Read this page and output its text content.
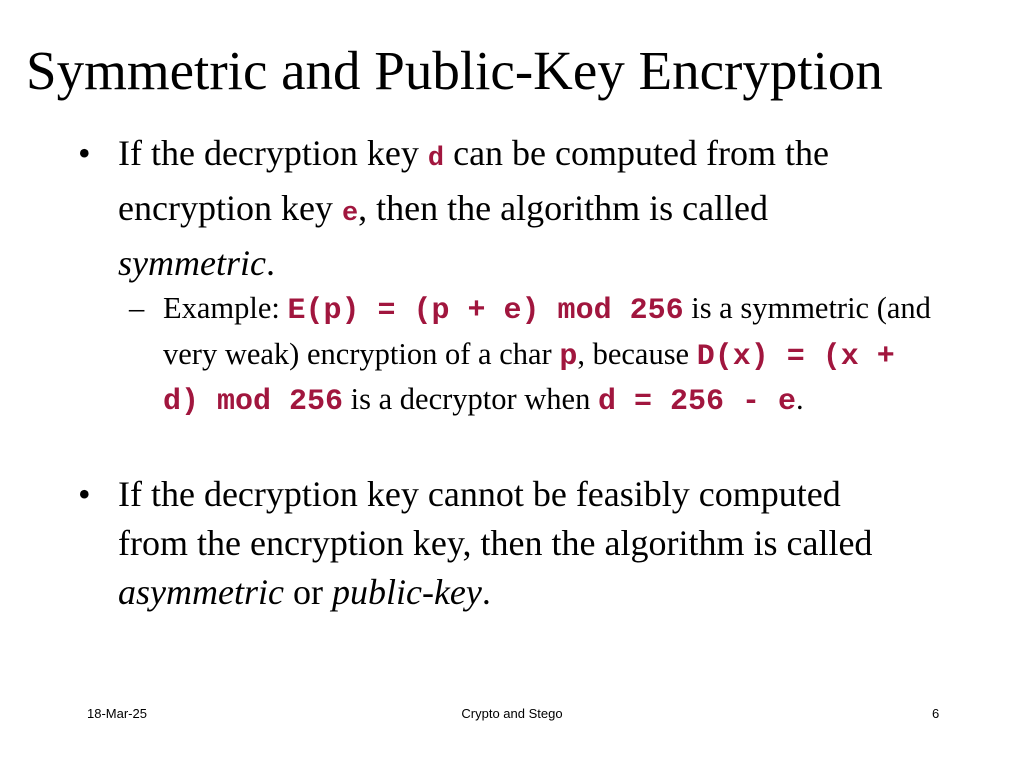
Symmetric and Public-Key Encryption
• If the decryption key d can be computed from the encryption key e, then the algorithm is called symmetric.
– Example: E(p) = (p + e) mod 256 is a symmetric (and very weak) encryption of a char p, because D(x) = (x + d) mod 256 is a decryptor when d = 256 - e.
• If the decryption key cannot be feasibly computed from the encryption key, then the algorithm is called asymmetric or public-key.
18-Mar-25	Crypto and Stego	6
